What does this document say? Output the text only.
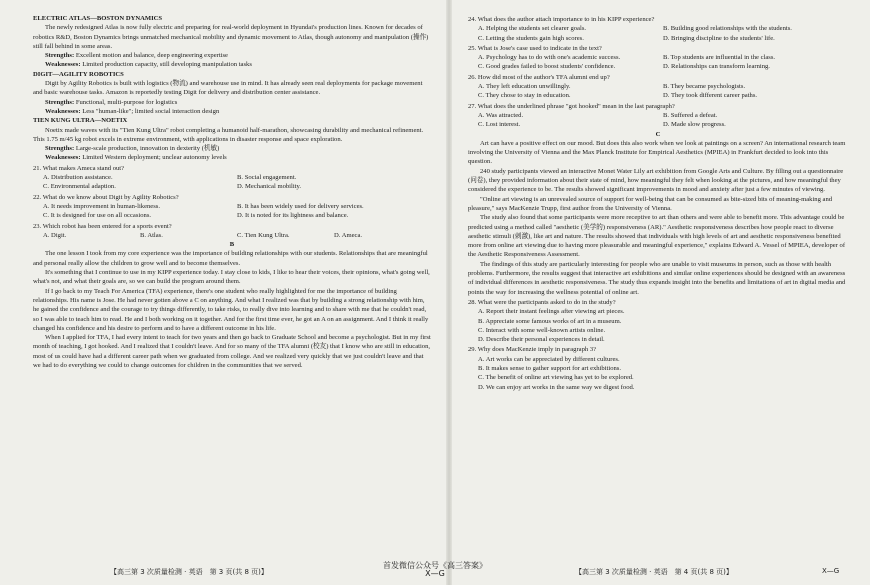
ELECTRIC ATLAS—BOSTON DYNAMICS

The newly redesigned Atlas is now fully electric and preparing for real-world deployment in Hyundai's production lines. Known for decades of robotics R&D, Boston Dynamics brings unmatched mechanical mobility and dynamic movement to Atlas, though autonomy and manipulation (操作) still fall behind in some areas.

Strengths: Excellent motion and balance, deep engineering expertise

Weaknesses: Limited production capacity, still developing manipulation tasks

DIGIT—AGILITY ROBOTICS

Digit by Agility Robotics is built with logistics (物流) and warehouse use in mind. It has already seen real deployments for package movement and basic warehouse tasks. Amazon is reportedly testing Digit for delivery and distribution center assistance.

Strengths: Functional, multi-purpose for logistics

Weaknesses: Less "human-like"; limited social interaction design

TIEN KUNG ULTRA—NOETIX

Noetix made waves with its "Tien Kung Ultra" robot completing a humanoid half-marathon, showcasing durability and mechanical refinement. This 1.75 m/45 kg robot excels in extreme environment, with applications in disaster response and space exploration.

Strengths: Large-scale production, innovation in dexterity (机敏)

Weaknesses: Limited Western deployment; unclear autonomy levels

21. What makes Ameca stand out?

A. Distribution assistance.	B. Social engagement.
C. Environmental adaption.	D. Mechanical mobility.

22. What do we know about Digit by Agility Robotics?

A. It needs improvement in human-likeness.	B. It has been widely used for delivery services.
C. It is designed for use on all occasions.	D. It is noted for its lightness and balance.

23. Which robot has been entered for a sports event?

A. Digit.	B. Atlas.	C. Tien Kung Ultra.	D. Ameca.

B

The one lesson I took from my core experience was the importance of building relationships with our students. Relationships that are meaningful and personal really allow the children to grow well and to become themselves.

It's something that I continue to use in my KIPP experience today. I stay close to kids, I like to hear their voices, their opinions, what's going well, what's not, and what their goals are, so we can build the program around them.

If I go back to my Teach For America (TFA) experience, there's one student who really highlighted for me the importance of building relationships. His name is Jose. He had never gotten above a C on anything. And what I realized was that by building a strong relationship with him, he gained the confidence and the courage to try things differently, to take risks, to really dive into learning and to share with me that he couldn't read, so I was able to teach him to read. He and I both working on it together. And for the first time ever, he got an A on an assignment. And I think it really changed his confidence and his desire to perform and to have a different outcome in his life.

When I applied for TFA, I had every intent to teach for two years and then go back to Graduate School and become a psychologist. But in my first month of teaching, I got hooked. And I realized that I couldn't leave. And for so many of the TFA alumni (校友) that I know who are still in education, most of us could have had a different career path when we graduated from college. And we realized very quickly that we just couldn't leave and that we had to do everything we could to change outcomes for children in the communities that we served.

24. What does the author attach importance to in his KIPP experience?

A. Helping the students set clearer goals.	B. Building good relationships with the students.
C. Letting the students gain high scores.	D. Bringing discipline to the students' life.

25. What is Jose's case used to indicate in the text?

A. Psychology has to do with one's academic success.	B. Top students are influential in the class.
C. Good grades failed to boost students' confidence.	D. Relationships can transform learning.

26. How did most of the author's TFA alumni end up?

A. They left education unwillingly.	B. They became psychologists.
C. They chose to stay in education.	D. They took different career paths.

27. What does the underlined phrase "got hooked" mean in the last paragraph?

A. Was attracted.	B. Suffered a defeat.
C. Lost interest.	D. Made slow progress.

C

Art can have a positive effect on our mood. But does this also work when we look at paintings on a screen? An international research team involving the University of Vienna and the Max Planck Institute for Empirical Aesthetics (MPIEA) in Frankfurt decided to look into this question.

240 study participants viewed an interactive Monet Water Lily art exhibition from Google Arts and Culture. By filling out a questionnaire (问卷), they provided information about their state of mind, how meaningful they felt when looking at the pictures, and how meaningful they considered the experience to be. The results showed significant improvements in mood and anxiety after just a few minutes of viewing.

"Online art viewing is an unrevealed source of support for well-being that can be consumed as bite-sized bits of meaning-making and pleasure," says MacKenzie Trupp, first author from the University of Vienna.

The study also found that some participants were more receptive to art than others and were able to benefit more. This advantage could be predicted using a method called "aesthetic (美学的) responsiveness (AR)." Aesthetic responsiveness describes how people react to diverse aesthetic stimuli (刺激), like art and nature. The results showed that individuals with high levels of art and aesthetic responsiveness benefited more from online art viewing due to having more pleasurable and meaningful experience," explains Edward A. Vessel of MPIEA, developer of the Aesthetic Responsiveness Assessment.

The findings of this study are particularly interesting for people who are unable to visit museums in person, such as those with health problems. Furthermore, the results suggest that interactive art exhibitions and similar online experiences should be designed with an awareness of individual differences in aesthetic responsiveness. The study thus expands insight into the benefits and limitations of art in digital media and points the way for increasing the wellness potential of online art.

28. What were the participants asked to do in the study?

A. Report their instant feelings after viewing art pieces.

B. Appreciate some famous works of art in a museum.

C. Interact with some well-known artists online.

D. Describe their personal experiences in detail.

29. Why does MacKenzie imply in paragraph 3?

A. Art works can be appreciated by different cultures.

B. It makes sense to gather support for art exhibitions.

C. The benefit of online art viewing has yet to be explored.

D. We can enjoy art works in the same way we digest food.

【高三第 3 次质量检测 · 英语　第 3 页(共 8 页)】	【高三第 3 次质量检测 · 英语　第 4 页(共 8 页)】
首发微信公众号《高三答案》
X—G	X—G
